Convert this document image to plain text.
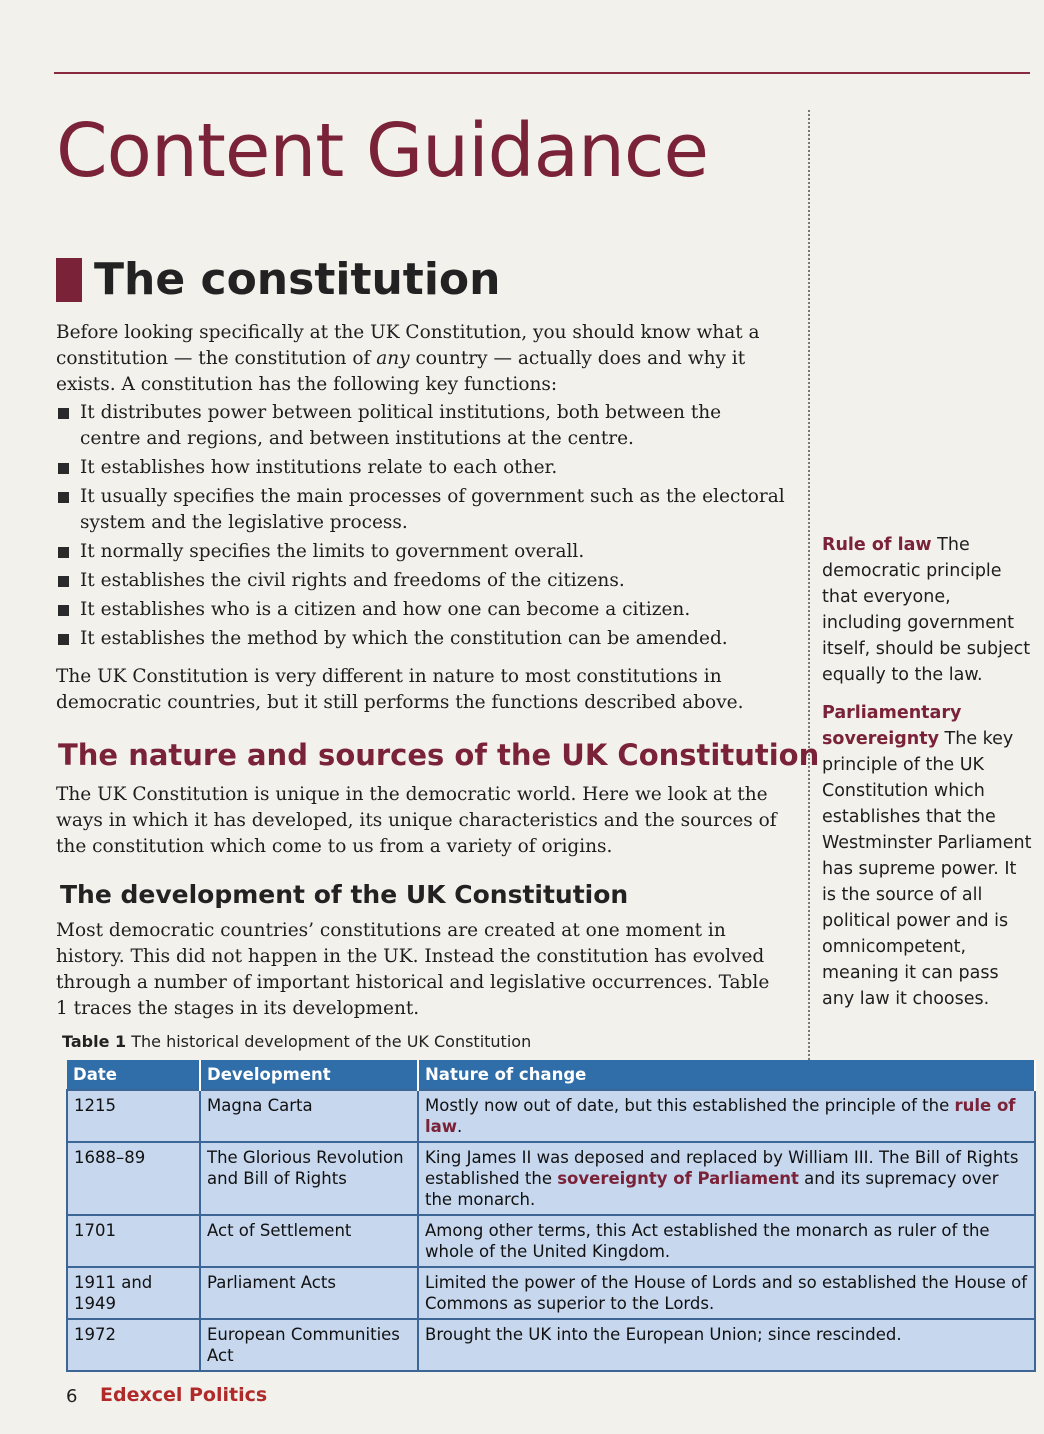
Content Guidance
The constitution

Before looking specifically at the UK Constitution, you should know what a constitution — the constitution of any country — actually does and why it exists. A constitution has the following key functions:

It distributes power between political institutions, both between the centre and regions, and between institutions at the centre.
It establishes how institutions relate to each other.
It usually specifies the main processes of government such as the electoral system and the legislative process.
It normally specifies the limits to government overall.
It establishes the civil rights and freedoms of the citizens.
It establishes who is a citizen and how one can become a citizen.
It establishes the method by which the constitution can be amended.

The UK Constitution is very different in nature to most constitutions in democratic countries, but it still performs the functions described above.

The nature and sources of the UK Constitution

The UK Constitution is unique in the democratic world. Here we look at the ways in which it has developed, its unique characteristics and the sources of the constitution which come to us from a variety of origins.

The development of the UK Constitution

Most democratic countries’ constitutions are created at one moment in history. This did not happen in the UK. Instead the constitution has evolved through a number of important historical and legislative occurrences. Table 1 traces the stages in its development.

Rule of law The democratic principle that everyone, including government itself, should be subject equally to the law.
Parliamentary sovereignty The key principle of the UK Constitution which establishes that the Westminster Parliament has supreme power. It is the source of all political power and is omnicompetent, meaning it can pass any law it chooses.

Table 1 The historical development of the UK Constitution

Date	Development	Nature of change
1215	Magna Carta	Mostly now out of date, but this established the principle of the rule of law.
1688–89	The Glorious Revolution and Bill of Rights	King James II was deposed and replaced by William III. The Bill of Rights established the sovereignty of Parliament and its supremacy over the monarch.
1701	Act of Settlement	Among other terms, this Act established the monarch as ruler of the whole of the United Kingdom.
1911 and 1949	Parliament Acts	Limited the power of the House of Lords and so established the House of Commons as superior to the Lords.
1972	European Communities Act	Brought the UK into the European Union; since rescinded.
6 Edexcel Politics
